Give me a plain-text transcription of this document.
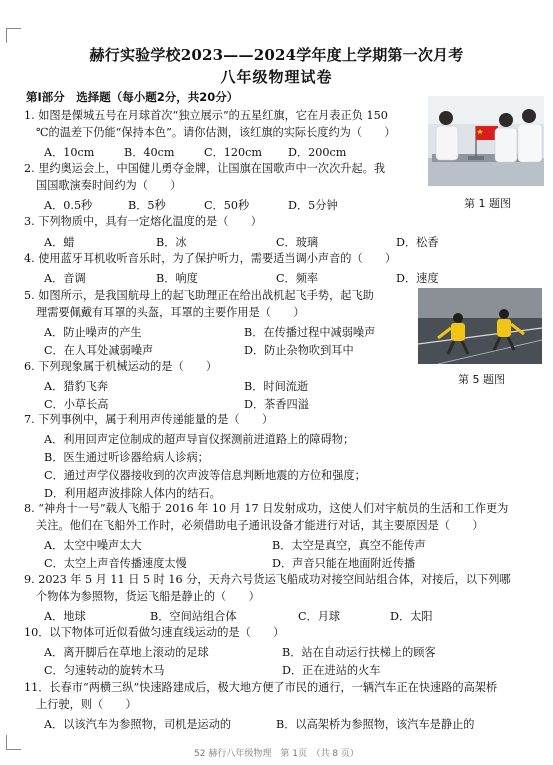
赫行实验学校2023——2024学年度上学期第一次月考
八年级物理试卷
第Ⅰ部分　选择题（每小题2分，共20分）
1. 如图是傈城五号在月球首次“独立展示”的五星红旗，它在月表正负 150
℃的温差下仍能“保持本色”。请你估测，该红旗的实际长度约为（　　）
A．10cm	B．40cm	C．120cm D．200cm
2. 里约奥运会上，中国健儿勇夺金牌，让国旗在国歌声中一次次升起。我
国国歌演奏时间约为（　　）
A．0.5秒	B．5秒	C．50秒	D．5分钟
3. 下列物质中，具有一定熔化温度的是（　　）
A．蜡	B．冰	C．玻璃	D．松香
4. 使用蓝牙耳机收听音乐时，为了保护听力，需要适当调小声音的（　　）
A．音调	B．响度	C．频率	D．速度
5. 如图所示，是我国航母上的起飞助理正在给出战机起飞手势，起飞助
理需要佩戴有耳罩的头盔，耳罩的主要作用是（　　）
A．防止噪声的产生	B．在传播过程中减弱噪声
C．在人耳处减弱噪声	D．防止杂物吹到耳中
6. 下列现象属于机械运动的是（　　）
A．猎豹飞奔	B．时间流逝
C．小草长高	D．茶香四溢
7. 下列事例中，属于利用声传递能量的是（　　）
A．利用回声定位制成的超声导盲仪探测前进道路上的障碍物；
B．医生通过听诊器给病人诊病；
C．通过声学仪器接收到的次声波等信息判断地震的方位和强度；
D．利用超声波排除人体内的结石。
8. “神舟十一号”载人飞船于 2016 年 10 月 17 日发射成功，这使人们对宇航员的生活和工作更为
关注。他们在飞船外工作时，必须借助电子通讯设备才能进行对话，其主要原因是（　　）
A．太空中噪声太大	B．太空是真空，真空不能传声
C．太空上声音传播速度太慢	D．声音只能在地面附近传播
9. 2023 年 5 月 11 日 5 时 16 分，天舟六号货运飞船成功对接空间站组合体，对接后，以下列哪
个物体为参照物，货运飞船是静止的（　　）
A．地球	B．空间站组合体	C．月球	D．太阳
10．以下物体可近似看做匀速直线运动的是（　　）
A．离开脚后在草地上滚动的足球	B．站在自动运行扶梯上的顾客
C．匀速转动的旋转木马	D．正在进站的火车
11．长春市“两横三纵”快速路建成后，极大地方便了市民的通行，一辆汽车正在快速路的高架桥
上行驶，则（　　）
A．以该汽车为参照物，司机是运动的	B．以高架桥为参照物，该汽车是静止的
第 1 题图
第 5 题图
52 赫行八年级物理　第 1页　（共 8 页）
